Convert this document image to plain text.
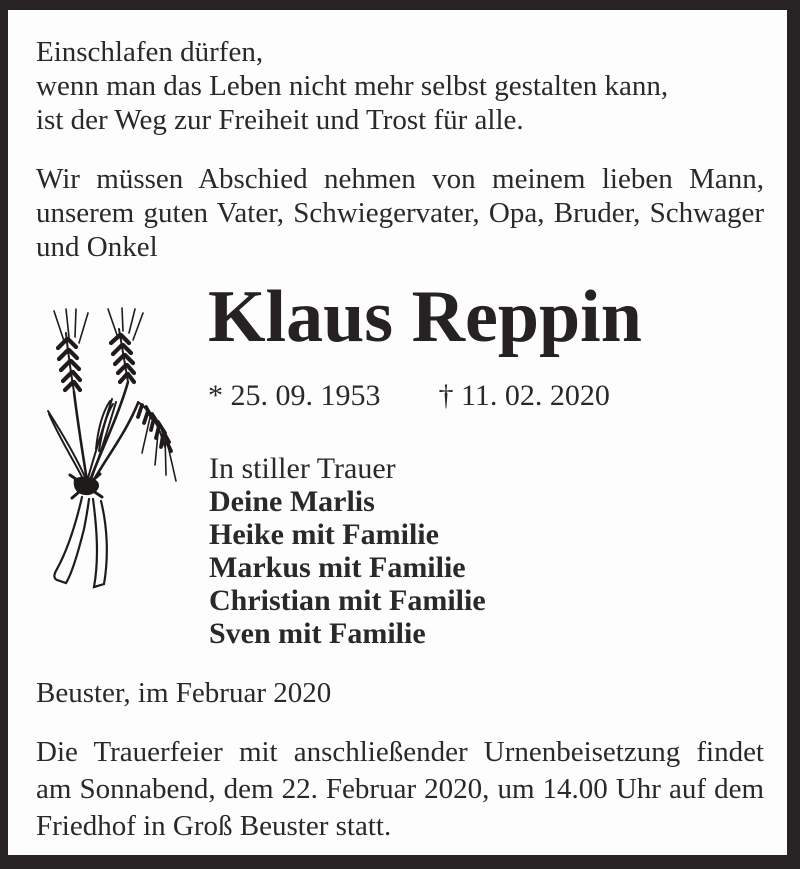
Einschlafen dürfen,
wenn man das Leben nicht mehr selbst gestalten kann,
ist der Weg zur Freiheit und Trost für alle.
Wir müssen Abschied nehmen von meinem lieben Mann,
unserem guten Vater, Schwiegervater, Opa, Bruder, Schwager
und Onkel
Klaus Reppin
* 25. 09. 1953 † 11. 02. 2020
In stiller Trauer
Deine Marlis
Heike mit Familie
Markus mit Familie
Christian mit Familie
Sven mit Familie
Beuster, im Februar 2020
Die Trauerfeier mit anschließender Urnenbeisetzung findet
am Sonnabend, dem 22. Februar 2020, um 14.00 Uhr auf dem
Friedhof in Groß Beuster statt.
